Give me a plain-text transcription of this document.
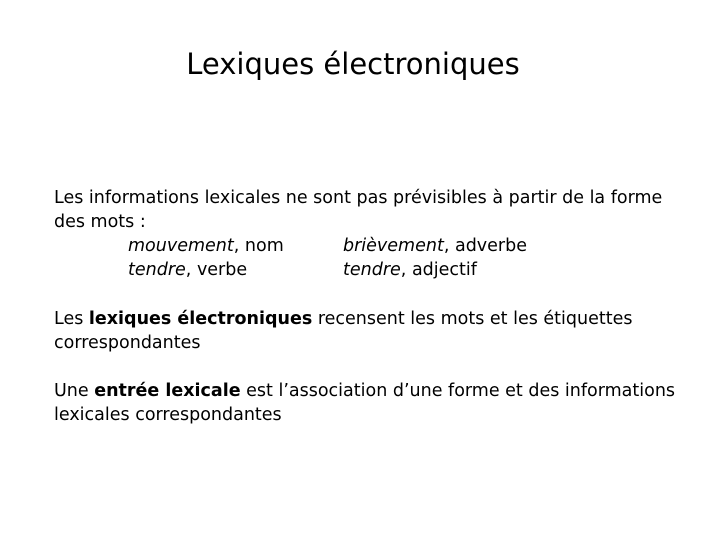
Lexiques électroniques
Les informations lexicales ne sont pas prévisibles à partir de la forme des mots :
mouvement, nom	brièvement, adverbe
tendre, verbe	tendre, adjectif
Les lexiques électroniques recensent les mots et les étiquettes correspondantes
Une entrée lexicale est l’association d’une forme et des informations lexicales correspondantes
